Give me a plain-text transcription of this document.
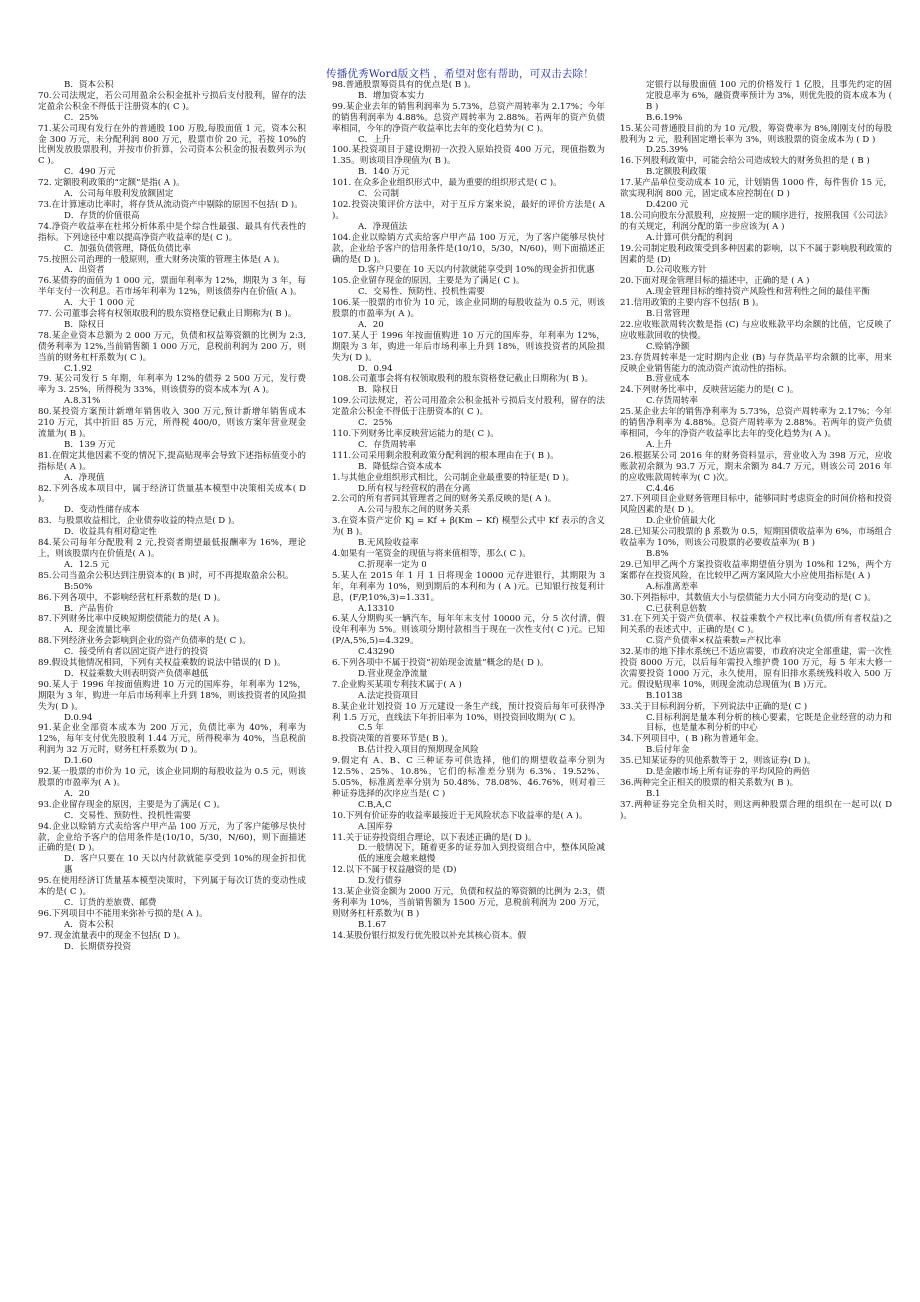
传播优秀Word版文档 ，希望对您有帮助，可双击去除！

B．资本公积

70.公司法规定，若公司用盈余公积金抵补亏损后支付股利，留存的法定盈余公积金不得低于注册资本的( C )。

C．25%

71.某公司现有发行在外的普通股 100 万股,每股面值 1 元，资本公积金 300 万元，未分配利润 800 万元，股票市价 20 元，若按 10%的比例发放股票股利，并按市价折算，公司资本公积金的报表数列示为( C )。

C．490 万元

72. 定额股利政策的“定额”是指( A )。

A．公司每年股利发放额固定

73.在计算速动比率时，将存货从流动资产中剔除的原因不包括( D )。

D．存货的价值很高

74.净资产收益率在杜邦分析体系中是个综合性最强、最具有代表性的指标。下列途径中难以提高净资产收益率的是( C )。

C．加强负债管理，降低负债比率

75.按照公司治理的一般原则，重大财务决策的管理主体是( A )。

A．出资者

76.某债券的面值为 1 000 元，票面年利率为 12%，期限为 3 年，每半年支付一次利息。若市场年利率为 12%，则该债券内在价值( A )。

A．大于 1 000 元

77. 公司董事会将有权领取股利的股东资格登记截止日期称为( B )。

B．除权日

78.某企业资本总额为 2 000 万元，负债和权益筹资额的比例为 2:3,债务利率为 12%,当前销售额 1 000 万元，息税前利润为 200 万，则当前的财务杠杆系数为( C )。

C.1.92

79. 某公司发行 5 年期，年利率为 12%的债券 2 500 万元，发行费率为 3. 25%，所得税为 33%，则该债券的资本成本为( A )。

A.8.31%

80.某投资方案预计新增年销售收入 300 万元,预计新增年销售成本 210 万元，其中折旧 85 万元，所得税 400/0，则该方案年营业现金流量为( B )。

B．139 万元

81.在假定其他因素不变的情况下,提高贴现率会导致下述指标值变小的指标是( A )。

A．净现值

82.下列各成本项目中，属于经济订货量基本模型中决策相关成本( D )。

D．变动性储存成本

83．与股票收益相比，企业债券收益的特点是( D )。

D．收益具有相对稳定性

84.某公司每年分配股利 2 元,投资者期望最低报酬率为 16%，理论上，则该股票内在价值是( A )。

A．12.5 元

85.公司当盈余公积达到注册资本的( B )时，可不再提取盈余公积。

B:50%

86.下列各项中，不影响经营杠杆系数的是( D )。

B．产品售价

87.下列财务比率中反映短期偿债能力的是( A )。

A．现金流量比率

88.下列经济业务会影响到企业的资产负债率的是( C )。

C．接受所有者以固定资产进行的投资

89.假设其他情况相同，下列有关权益乘数的说法中错误的( D )。

D．权益乘数大则表明资产负债率越低

90.某人于 1996 年按面值购进 10 万元的国库券，年利率为 12%，期限为 3 年，购进一年后市场利率上升到 18%，则该投资者的风险损失为( D )。

D.0.94

91.某企业全部资本成本为 200 万元，负债比率为 40%，利率为 12%，每年支付优先股股利 1.44 万元，所得税率为 40%，当息税前利润为 32 万元时，财务杠杆系数为( D )。

D.1.60

92.某一股票的市价为 10 元，该企业同期的每股收益为 0.5 元，则该股票的市盈率为( A )。

A．20

93.企业留存现金的原因，主要是为了满足( C )。

C．交易性、预防性、投机性需要

94.企业以赊销方式卖给客户甲产品 100 万元，为了客户能够尽快付款，企业给予客户的信用条件是(10/10，5/30，N/60)，则下面描述正确的是( D )。

D．客户只要在 10 天以内付款就能享受到 10%的现金折扣优惠

95.在使用经济订货量基本模型决策时，下列属于每次订货的变动性成本的是( C )。

C．订货的差旅费、邮费

96.下列项目中不能用来弥补亏损的是( A )。

A．资本公积

97. 现金流量表中的现金不包括( D )。

D．长期债券投资

98.普通股票筹资具有的优点是( B )。

B．增加资本实力

99.某企业去年的销售利润率为 5.73%，总资产周转率为 2.17%；今年的销售利润率为 4.88%。总资产周转率为 2.88%。若两年的资产负债率相同，今年的净资产收益率比去年的变化趋势为( C )。

C．上升

100.某投资项目于建设期初一次投入原始投资 400 万元，现值指数为 1.35。则该项目净现值为( B )。

B．140 万元

101. 在众多企业组织形式中，最为重要的组织形式是( C )。

C．公司制

102.投资决策评价方法中，对于互斥方案来说，最好的评价方法是( A )。

A．净现值法

104.企业以赊销方式卖给客户甲产品 100 万元，为了客户能够尽快付款，企业给予客户的信用条件是(10/10，5/30，N/60)，则下面描述正确的是( D )。

D.客户只要在 10 天以内付款就能享受到 10%的现金折扣优惠

105.企业留存现金的原因，主要是为了满足( C )。

C．交易性、预防性、投机性需要

106.某一股票的市价为 10 元，该企业同期的每股收益为 0.5 元，则该股票的市盈率为( A )。

A．20

107.某人于 1996 年按面值购进 10 万元的国库券，年利率为 12%，期限为 3 年，购进一年后市场利率上升到 18%，则该投资者的风险损失为( D )。

D．0.94

108.公司董事会将有权领取股利的股东资格登记截止日期称为( B )。

B．除权日

109.公司法规定，若公司用盈余公积金抵补亏损后支付股利，留存的法定盈余公积金不得低于注册资本的( C )。

C．25%

110.下列财务比率反映营运能力的是( C )。

C．存货周转率

111.公司采用剩余股利政策分配利润的根本理由在于( B )。

B．降低综合资本成本

1.与其他企业组织形式相比，公司制企业最重要的特征是( D )。

D.所有权与经营权的潜在分离

2.公司的所有者同其管理者之间的财务关系反映的是( A )。

A.公司与股东之间的财务关系

3.在资本资产定价 Kj = Kf + β(Km − Kf) 模型公式中 Kf 表示的含义为( B )。

B.无风险收益率

4.如果有一笔资金的现值与将来值相等，那么( C )。

C.折现率一定为 0

5.某人在 2015 年 1 月 1 日将现金 10000 元存进银行，其期限为 3 年，年利率为 10%，则到期后的本利和为 ( A )元。已知银行按复利计息，(F/P,10%,3)=1.331。

A.13310

6.某人分期购买一辆汽车，每年年末支付 10000 元，分 5 次付清，假设年利率为 5%。则该项分期付款相当于现在一次性支付( C )元。已知(P/A,5%,5)=4.329。

C.43290

6.下列各项中不属于投资“初始现金流量”概念的是( D )。

D.营业现金净流量

7.企业购买某项专利技术属于( A )

A.法定投资项目

8.某企业计划投资 10 万元建设一条生产线，预计投资后每年可获得净利 1.5 万元，直线法下年折旧率为 10%，则投资回收期为( C )。

C.5 年

8.投资决策的首要环节是( B )。

B.估计投入项目的预期现金风险

9.假定有 A、B、C 三种证券可供选择，他们的期望收益率分别为 12.5%、25%、10.8%，它们的标准差分别为 6.3%、19.52%、5.05%，标准离差率分别为 50.48%、78.08%、46.76%，则对着三种证券选择的次序应当是( C )

C.B,A,C

10.下列有价证券的收益率最接近于无风险状态下收益率的是( A )。

A.国库券

11.关于证券投资组合理论，以下表述正确的是( D )。

D.一般情况下，随着更多的证券加入到投资组合中，整体风险减低的速度会越来越慢

12.以下不属于权益融资的是 (D)

D.发行债券

13.某企业资金额为 2000 万元，负债和权益的筹资额的比例为 2:3，债务利率为 10%，当前销售额为 1500 万元，息税前利润为 200 万元，则财务杠杆系数为( B )

B.1.67

14.某股份银行拟发行优先股以补充其核心资本。假

定银行以每股面值 100 元的价格发行 1 亿股，且事先约定的固定股息率为 6%，融资费率预计为 3%，则优先股的资本成本为 ( B )

B.6.19%

15.某公司普通股目前的为 10 元/股，筹资费率为 8%,刚刚支付的每股股利为 2 元，股利固定增长率为 3%，则该股票的资金成本为 ( D )

D.25.39%

16.下列股利政策中，可能会给公司造成较大的财务负担的是 ( B )

B.定额股利政策

17.某产品单位变动成本 10 元，计划销售 1000 件，每件售价 15 元，欲实现利润 800 元，固定成本应控制在( D )

D.4200 元

18.公司向股东分派股利，应按照一定的顺序进行，按照我国《公司法》的有关规定，利润分配的第一步应该为( A )

A.计算可供分配的利润

19.公司制定股利政策受到多种因素的影响，以下不属于影响股利政策的因素的是 (D)

D.公司收账方针

20.下面对现金管理目标的描述中，正确的是 ( A )

A.现金管理目标的维持资产风险性和营利性之间的最佳平衡

21.信用政策的主要内容不包括( B )。

B.日常管理

22.应收账款周转次数是指 (C) 与应收账款平均余额的比值，它反映了应收账款回收的快慢。

C.赊销净额

23.存货周转率是一定时期内企业 (B) 与存货品平均余额的比率，用来反映企业销售能力的流动资产流动性的指标。

B.营业成本

24.下列财务比率中，反映营运能力的是( C )。

C.存货周转率

25.某企业去年的销售净利率为 5.73%，总资产周转率为 2.17%；今年的销售净利率为 4.88%。总资产周转率为 2.88%。若两年的资产负债率相同，今年的净资产收益率比去年的变化趋势为( A )。

A.上升

26.根据某公司 2016 年的财务资料显示，营业收入为 398 万元，应收账款初余额为 93.7 万元，期末余额为 84.7 万元，则该公司 2016 年的应收账款周转率为( C )次。

C.4.46

27.下列项目企业财务管理目标中，能够同时考虑资金的时间价格和投资风险因素的是( D )。

D.企业价值最大化

28.已知某公司股票的 β 系数为 0.5，短期国债收益率为 6%，市场组合收益率为 10%，则该公司股票的必要收益率为( B )

B.8%

29.已知甲乙两个方案投资收益率期望值分别为 10%和 12%，两个方案都存在投资风险，在比较甲乙两方案风险大小应使用指标是( A )

A.标准离差率

30.下列指标中，其数值大小与偿债能力大小同方向变动的是( C )。

C.已获利息倍数

31.在下列关于资产负债率、权益乘数个产权比率(负债/所有者权益)之间关系的表述式中，正确的是( C )。

C.资产负债率×权益乘数=产权比率

32.某市的地下排水系统已不适应需要，市政府决定全部重建，需一次性投资 8000 万元，以后每年需投入维护费 100 万元，每 5 年末大修一次需要投资 1000 万元，永久使用，原有旧排水系统残料收入 500 万元。假设贴现率 10%，则现金流动总现值为( B )万元。

B.10138

33.关于目标利润分析，下列说法中正确的是( C )

C.目标利润是量本利分析的核心要素，它既是企业经营的动力和目标，也是量本利分析的中心

34.下列项目中，( B )称为普通年金。

B.后付年金

35.已知某证券的贝他系数等于 2，则该证券( D )。

D.是金融市场上所有证券的平均风险的两倍

36.两种完全正相关的股票的相关系数为( B )。

B.1

37.两种证券完全负相关时，则这两种股票合理的组织在一起可以( D )。
